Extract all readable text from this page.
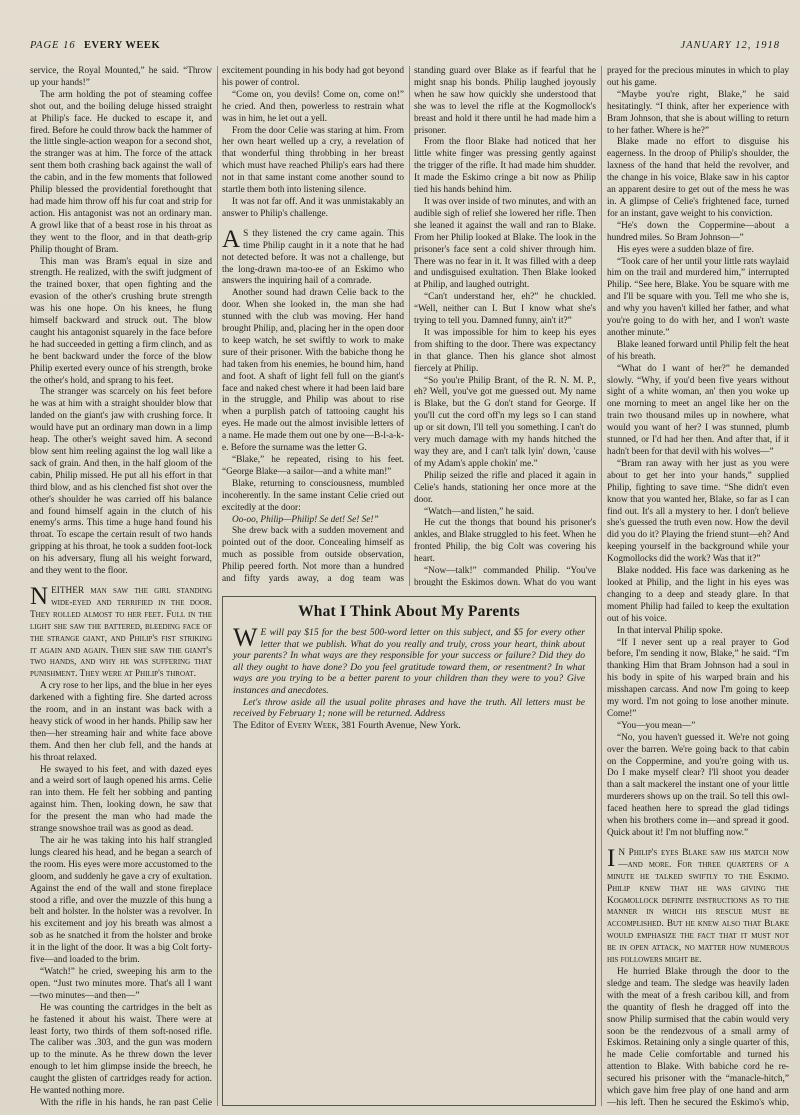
PAGE 16 EVERY WEEK	JANUARY 12, 1918

service, the Royal Mounted,” he said. “Throw up your hands!”

The arm holding the pot of steaming coffee shot out, and the boiling deluge hissed straight at Philip's face. He ducked to escape it, and fired. Before he could throw back the hammer of the little single-action weapon for a second shot, the stranger was at him. The force of the attack sent them both crashing back against the wall of the cabin, and in the few moments that followed Philip blessed the providential forethought that had made him throw off his fur coat and strip for action. His antagonist was not an ordinary man. A growl like that of a beast rose in his throat as they went to the floor, and in that death-grip Philip thought of Bram.

This man was Bram's equal in size and strength. He realized, with the swift judgment of the trained boxer, that open fighting and the evasion of the other's crushing brute strength was his one hope. On his knees, he flung himself backward and struck out. The blow caught his antagonist squarely in the face before he had succeeded in getting a firm clinch, and as he bent backward under the force of the blow Philip exerted every ounce of his strength, broke the other's hold, and sprang to his feet.

The stranger was scarcely on his feet before he was at him with a straight shoulder blow that landed on the giant's jaw with crushing force. It would have put an ordinary man down in a limp heap. The other's weight saved him. A second blow sent him reeling against the log wall like a sack of grain. And then, in the half gloom of the cabin, Philip missed. He put all his effort in that third blow, and as his clenched fist shot over the other's shoulder he was carried off his balance and found himself again in the clutch of his enemy's arms. This time a huge hand found his throat. To escape the certain result of two hands gripping at his throat, he took a sudden foot-lock on his adversary, flung all his weight forward, and they went to the floor.

NEITHER man saw the girl standing wide-eyed and terrified in the door. They rolled almost to her feet. Full in the light she saw the battered, bleeding face of the strange giant, and Philip's fist striking it again and again. Then she saw the giant's two hands, and why he was suffering that punishment. They were at Philip's throat.

A cry rose to her lips, and the blue in her eyes darkened with a fighting fire. She darted across the room, and in an instant was back with a heavy stick of wood in her hands. Philip saw her then—her streaming hair and white face above them. And then her club fell, and the hands at his throat relaxed.

He swayed to his feet, and with dazed eyes and a weird sort of laugh opened his arms. Celie ran into them. He felt her sobbing and panting against him. Then, looking down, he saw that for the present the man who had made the strange snowshoe trail was as good as dead.

The air he was taking into his half strangled lungs cleared his head, and he began a search of the room. His eyes were more accustomed to the gloom, and suddenly he gave a cry of exultation. Against the end of the wall and stone fireplace stood a rifle, and over the muzzle of this hung a belt and holster. In the holster was a revolver. In his excitement and joy his breath was almost a sob as he snatched it from the holster and broke it in the light of the door. It was a big Colt forty-five—and loaded to the brim.

“Watch!” he cried, sweeping his arm to the open. “Just two minutes more. That's all I want—two minutes—and then—”

He was counting the cartridges in the belt as he fastened it about his waist. There were at least forty, two thirds of them soft-nosed rifle. The caliber was .303, and the gun was modern up to the minute. As he threw down the lever enough to let him glimpse inside the breech, he caught the glisten of cartridges ready for action. He wanted nothing more.

With the rifle in his hands, he ran past Celie

excitement pounding in his body had got beyond his power of control.

“Come on, you devils! Come on, come on!” he cried. And then, powerless to restrain what was in him, he let out a yell.

From the door Celie was staring at him. From her own heart welled up a cry, a revelation of that wonderful thing throbbing in her breast which must have reached Philip's ears had there not in that same instant come another sound to startle them both into listening silence.

It was not far off. And it was unmistakably an answer to Philip's challenge.

A S they listened the cry came again. This time Philip caught in it a note that he had not detected before. It was not a challenge, but the long-drawn ma-too-ee of an Eskimo who answers the inquiring hail of a comrade.

Another sound had drawn Celie back to the door. When she looked in, the man she had stunned with the club was moving. Her hand brought Philip, and, placing her in the open door to keep watch, he set swiftly to work to make sure of their prisoner. With the babiche thong he had taken from his enemies, he bound him, hand and foot. A shaft of light fell full on the giant's face and naked chest where it had been laid bare in the struggle, and Philip was about to rise when a purplish patch of tattooing caught his eyes. He made out the almost invisible letters of a name. He made them out one by one—B-l-a-k-e. Before the surname was the letter G.

“Blake,” he repeated, rising to his feet. “George Blake—a sailor—and a white man!”

Blake, returning to consciousness, mumbled incoherently. In the same instant Celie cried out excitedly at the door:

Oo-oo, Philip—Philip! Se det! Se! Se!”

She drew back with a sudden movement and pointed out of the door. Concealing himself as much as possible from outside observation, Philip peered forth. Not more than a hundred and fifty yards away, a dog team was

standing guard over Blake as if fearful that he might snap his bonds. Philip laughed joyously when he saw how quickly she understood that she was to level the rifle at the Kogmollock's breast and hold it there until he had made him a prisoner.

From the floor Blake had noticed that her little white finger was pressing gently against the trigger of the rifle. It had made him shudder. It made the Eskimo cringe a bit now as Philip tied his hands behind him.

It was over inside of two minutes, and with an audible sigh of relief she lowered her rifle. Then she leaned it against the wall and ran to Blake. From her Philip looked at Blake. The look in the prisoner's face sent a cold shiver through him. There was no fear in it. It was filled with a deep and undisguised exultation. Then Blake looked at Philip, and laughed outright.

“Can't understand her, eh?” he chuckled. “Well, neither can I. But I know what she's trying to tell you. Damned funny, ain't it?”

It was impossible for him to keep his eyes from shifting to the door. There was expectancy in that glance. Then his glance shot almost fiercely at Philip.

“So you're Philip Brant, of the R. N. M. P., eh? Well, you've got me guessed out. My name is Blake, but the G don't stand for George. If you'll cut the cord off'n my legs so I can stand up or sit down, I'll tell you something. I can't do very much damage with my hands hitched the way they are, and I can't talk lyin' down, 'cause of my Adam's apple chokin' me.”

Philip seized the rifle and placed it again in Celie's hands, stationing her once more at the door.

“Watch—and listen,” he said.

He cut the thongs that bound his prisoner's ankles, and Blake struggled to his feet. When he fronted Philip, the big Colt was covering his heart.

“Now—talk!” commanded Philip. “You've brought the Eskimos down. What do you want

prayed for the precious minutes in which to play out his game.

“Maybe you're right, Blake,” he said hesitatingly. “I think, after her experience with Bram Johnson, that she is about willing to return to her father. Where is he?”

Blake made no effort to disguise his eagerness. In the droop of Philip's shoulder, the laxness of the hand that held the revolver, and the change in his voice, Blake saw in his captor an apparent desire to get out of the mess he was in. A glimpse of Celie's frightened face, turned for an instant, gave weight to his conviction.

“He's down the Coppermine—about a hundred miles. So Bram Johnson—”

His eyes were a sudden blaze of fire.

“Took care of her until your little rats waylaid him on the trail and murdered him,” interrupted Philip. “See here, Blake. You be square with me and I'll be square with you. Tell me who she is, and why you haven't killed her father, and what you're going to do with her, and I won't waste another minute.”

Blake leaned forward until Philip felt the heat of his breath.

“What do I want of her?” he demanded slowly. “Why, if you'd been five years without sight of a white woman, an' then you woke up one morning to meet an angel like her on the train two thousand miles up in nowhere, what would you want of her? I was stunned, plumb stunned, or I'd had her then. And after that, if it hadn't been for that devil with his wolves—”

“Bram ran away with her just as you were about to get her into your hands,” supplied Philip, fighting to save time. “She didn't even know that you wanted her, Blake, so far as I can find out. It's all a mystery to her. I don't believe she's guessed the truth even now. How the devil did you do it? Playing the friend stunt—eh? And keeping yourself in the background while your Kogmollocks did the work? Was that it?”

Blake nodded. His face was darkening as he looked at Philip, and the light in his eyes was changing to a deep and steady glare. In that moment Philip had failed to keep the exultation out of his voice.

In that interval Philip spoke.

“If I never sent up a real prayer to God before, I'm sending it now, Blake,” he said. “I'm thanking Him that Bram Johnson had a soul in his body in spite of his warped brain and his misshapen carcass. And now I'm going to keep my word. I'm not going to lose another minute. Come!”

“You—you mean—”

“No, you haven't guessed it. We're not going over the barren. We're going back to that cabin on the Coppermine, and you're going with us. Do I make myself clear? I'll shoot you deader than a salt mackerel the instant one of your little murderers shows up on the trail. So tell this owl-faced heathen here to spread the glad tidings when his brothers come in—and spread it good. Quick about it! I'm not bluffing now.”

I N Philip's eyes Blake saw his match now—and more. For three quarters of a minute he talked swiftly to the Eskimo. Philip knew that he was giving the Kogmollock definite instructions as to the manner in which his rescue must be accomplished. But he knew also that Blake would emphasize the fact that it must not be in open attack, no matter how numerous his followers might be.

He hurried Blake through the door to the sledge and team. The sledge was heavily laden with the meat of a fresh caribou kill, and from the quantity of flesh he dragged off into the snow Philip surmised that the cabin would very soon be the rendezvous of a small army of Eskimos. Retaining only a single quarter of this, he made Celie comfortable and turned his attention to Blake. With babiche cord he re-secured his prisoner with the “manacle-hitch,” which gave him free play of one hand and arm—his left. Then he secured the Eskimo's whip,

What I Think About My Parents
W E will pay $15 for the best 500-word letter on this subject, and $5 for every other letter that we publish. What do you really and truly, cross your heart, think about your parents? In what ways are they responsible for your success or failure? Did they do all they ought to have done? Do you feel gratitude toward them, or resentment? In what ways are you trying to be a better parent to your children than they were to you? Give instances and anecdotes.
Let's throw aside all the usual polite phrases and have the truth. All letters must be received by February 1; none will be returned. Address The Editor of Every Week, 381 Fourth Avenue, New York.
